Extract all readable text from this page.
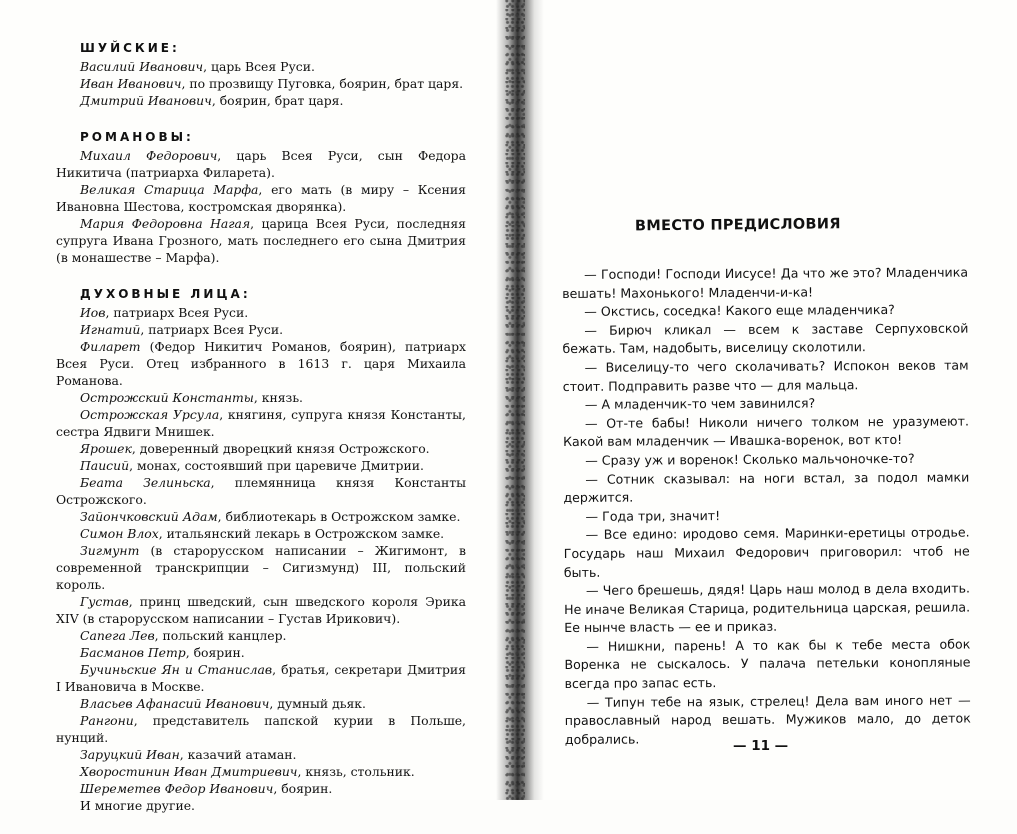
ШУЙСКИЕ:
Василий Иванович, царь Всея Руси.
Иван Иванович, по прозвищу Пуговка, боярин, брат царя.
Дмитрий Иванович, боярин, брат царя.
РОМАНОВЫ:
Михаил Федорович, царь Всея Руси, сын Федора Никитича (патриарха Филарета).
Великая Старица Марфа, его мать (в миру – Ксения Ивановна Шестова, костромская дворянка).
Мария Федоровна Нагая, царица Всея Руси, последняя супруга Ивана Грозного, мать последнего его сына Дмитрия (в монашестве – Марфа).
ДУХОВНЫЕ ЛИЦА:
Иов, патриарх Всея Руси.
Игнатий, патриарх Всея Руси.
Филарет (Федор Никитич Романов, боярин), патриарх Всея Руси. Отец избранного в 1613 г. царя Михаила Романова.
Острожский Константы, князь.
Острожская Урсула, княгиня, супруга князя Константы, сестра Ядвиги Мнишек.
Ярошек, доверенный дворецкий князя Острожского.
Паисий, монах, состоявший при царевиче Дмитрии.
Беата Зелиньска, племянница князя Константы Острожского.
Зайончковский Адам, библиотекарь в Острожском замке.
Симон Влох, итальянский лекарь в Острожском замке.
Зигмунт (в старорусском написании – Жигимонт, в современной транскрипции – Сигизмунд) III, польский король.
Густав, принц шведский, сын шведского короля Эрика XIV (в старорусском написании – Густав Ирикович).
Сапега Лев, польский канцлер.
Басманов Петр, боярин.
Бучиньские Ян и Станислав, братья, секретари Дмитрия I Ивановича в Москве.
Власьев Афанасий Иванович, думный дьяк.
Рангони, представитель папской курии в Польше, нунций.
Заруцкий Иван, казачий атаман.
Хворостинин Иван Дмитриевич, князь, стольник.
Шереметев Федор Иванович, боярин.
И многие другие.
ВМЕСТО ПРЕДИСЛОВИЯ
— Господи! Господи Иисусе! Да что же это? Младенчика вешать! Махонького! Младенчи-и-ка!
— Окстись, соседка! Какого еще младенчика?
— Бирюч кликал — всем к заставе Серпуховской бежать. Там, надобыть, виселицу сколотили.
— Виселицу-то чего сколачивать? Испокон веков там стоит. Подправить разве что — для мальца.
— А младенчик-то чем завинился?
— От-те бабы! Николи ничего толком не уразумеют. Какой вам младенчик — Ивашка-воренок, вот кто!
— Сразу уж и воренок! Сколько мальчоночке-то?
— Сотник сказывал: на ноги встал, за подол мамки держится.
— Года три, значит!
— Все едино: иродово семя. Маринки-еретицы отродье. Государь наш Михаил Федорович приговорил: чтоб не быть.
— Чего брешешь, дядя! Царь наш молод в дела входить. Не иначе Великая Старица, родительница царская, решила. Ее нынче власть — ее и приказ.
— Нишкни, парень! А то как бы к тебе места обок Воренка не сыскалось. У палача петельки конопляные всегда про запас есть.
— Типун тебе на язык, стрелец! Дела вам иного нет — православный народ вешать. Мужиков мало, до деток добрались.	— 11 —
